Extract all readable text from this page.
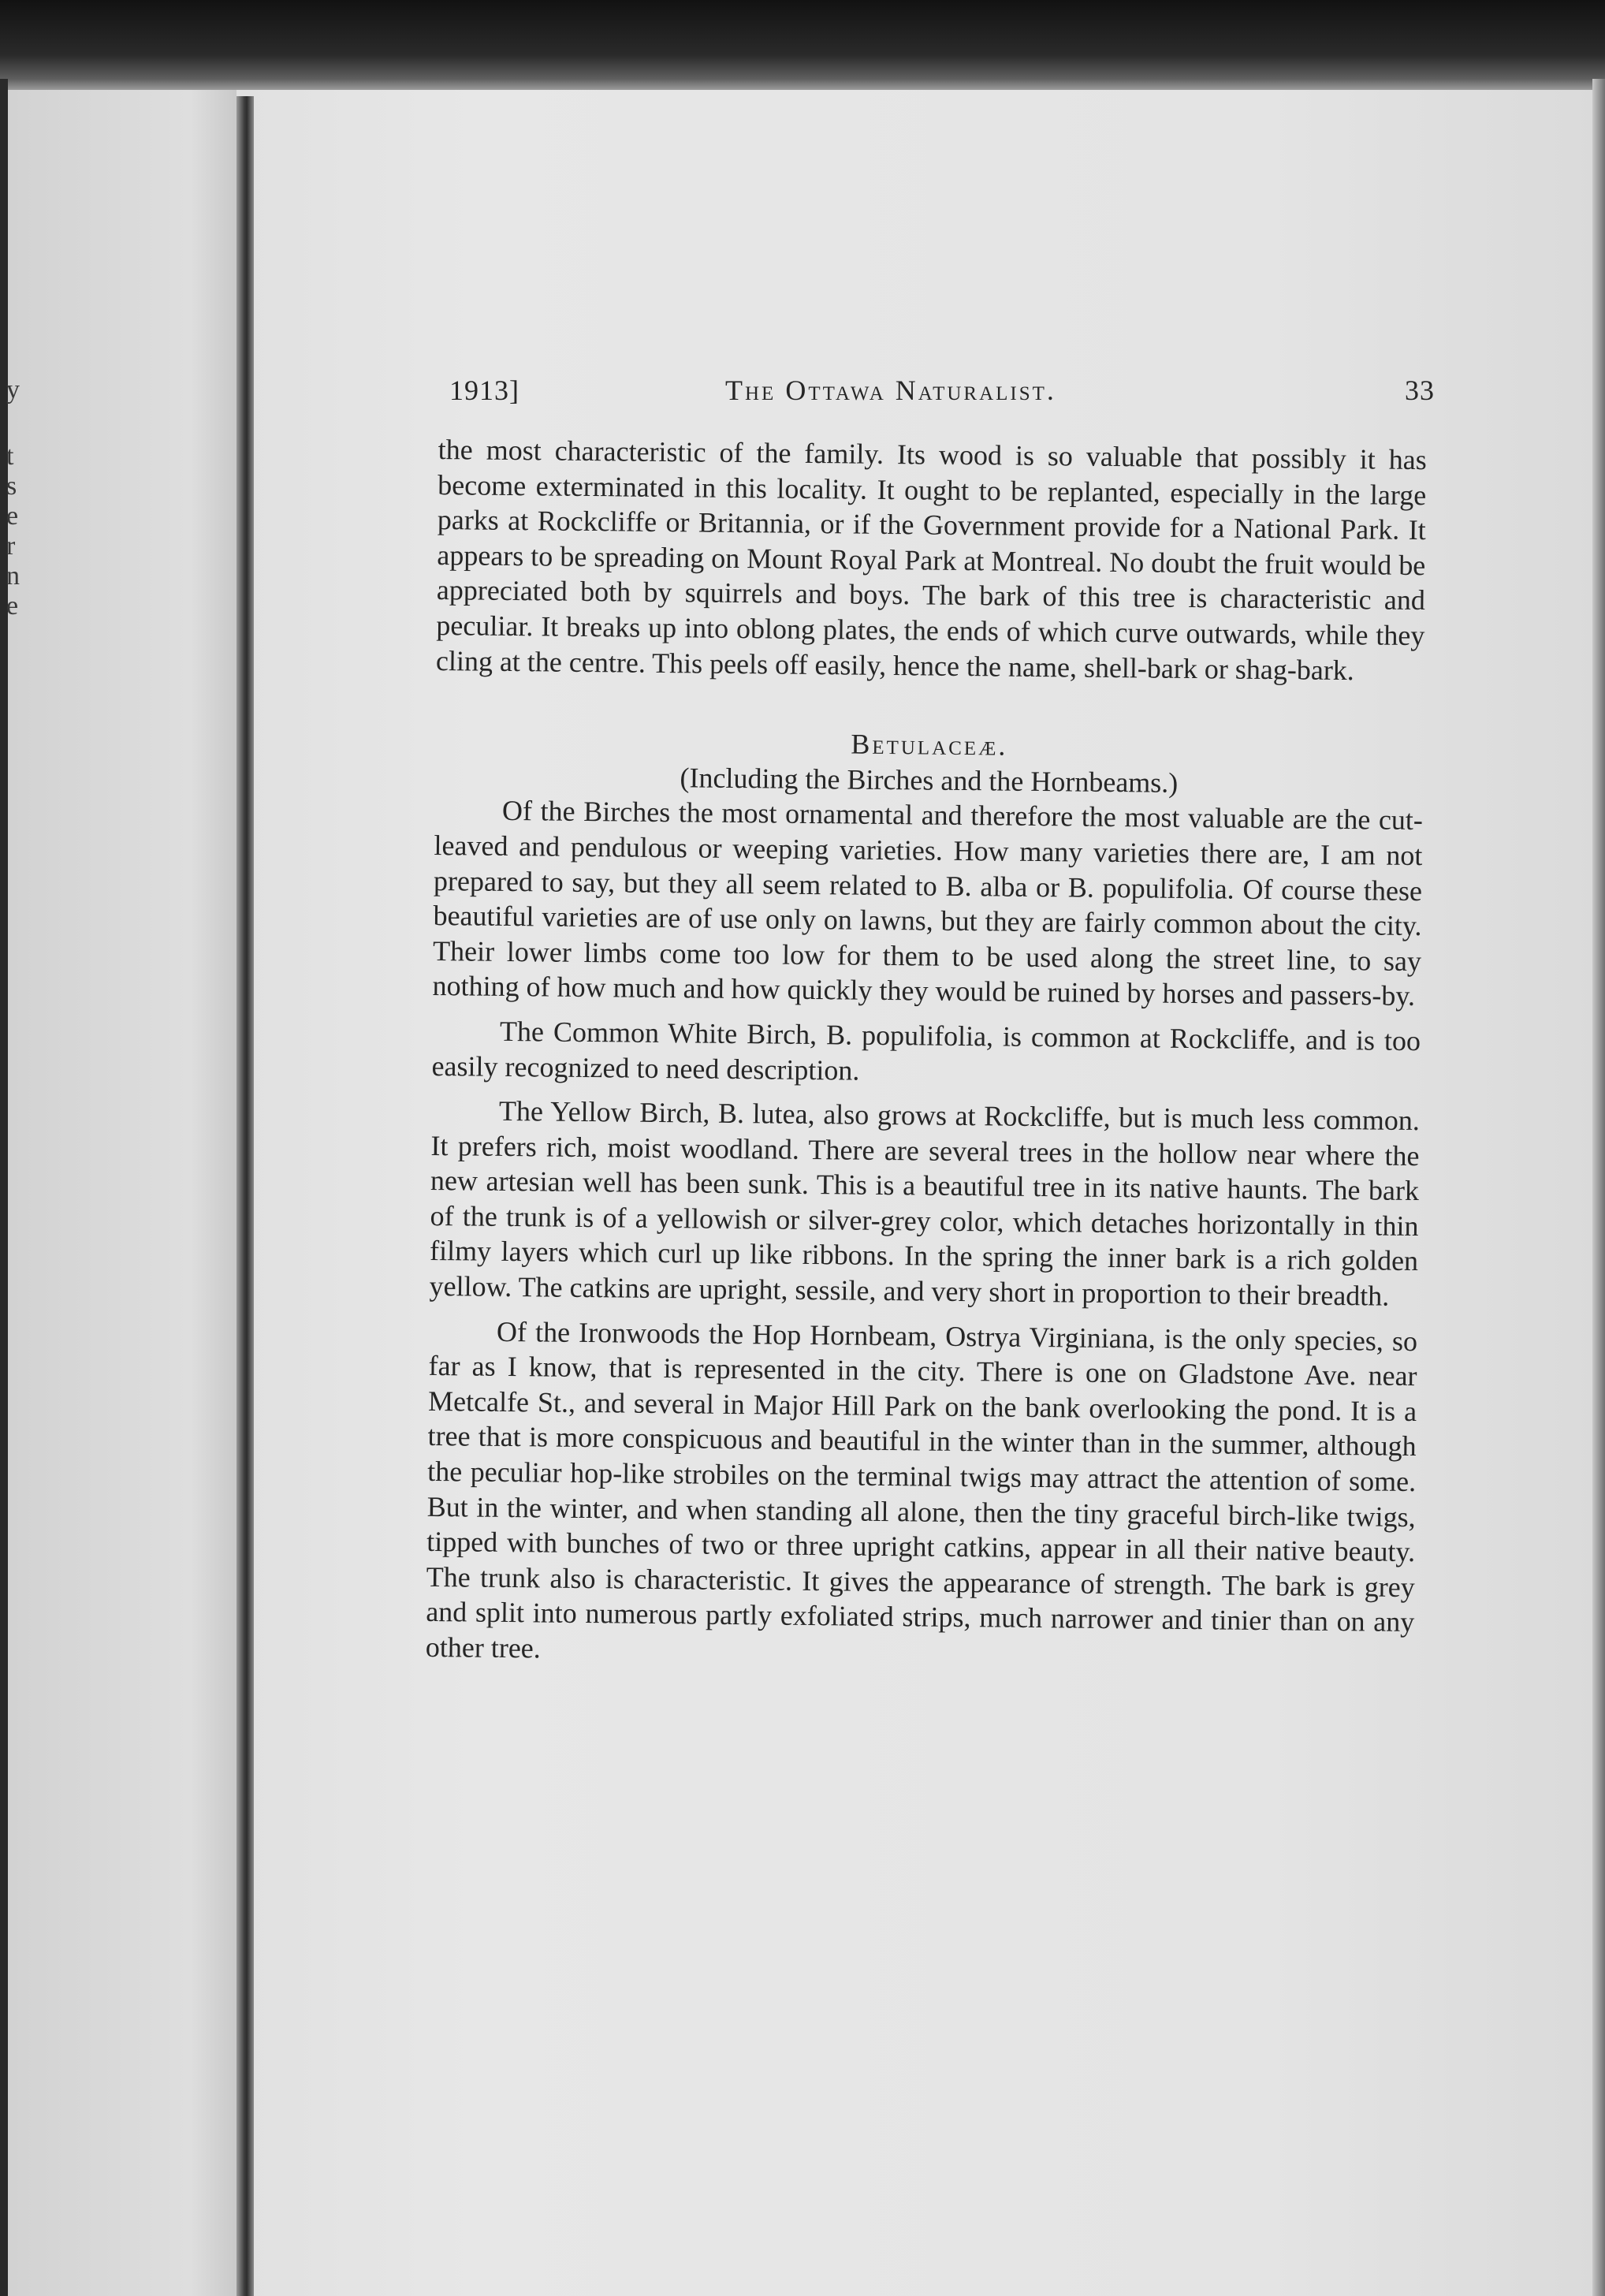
y
t
s
e
r
n
e
1913]	The Ottawa Naturalist.	33

the most characteristic of the family. Its wood is so valuable that possibly it has become exterminated in this locality. It ought to be replanted, especially in the large parks at Rockcliffe or Britannia, or if the Government provide for a National Park. It appears to be spreading on Mount Royal Park at Montreal. No doubt the fruit would be appreciated both by squirrels and boys. The bark of this tree is characteristic and peculiar. It breaks up into oblong plates, the ends of which curve outwards, while they cling at the centre. This peels off easily, hence the name, shell-bark or shag-bark.

Betulaceæ.

(Including the Birches and the Hornbeams.)

Of the Birches the most ornamental and therefore the most valuable are the cut-leaved and pendulous or weeping varieties. How many varieties there are, I am not prepared to say, but they all seem related to B. alba or B. populifolia. Of course these beautiful varieties are of use only on lawns, but they are fairly common about the city. Their lower limbs come too low for them to be used along the street line, to say nothing of how much and how quickly they would be ruined by horses and passers-by.

The Common White Birch, B. populifolia, is common at Rockcliffe, and is too easily recognized to need description.

The Yellow Birch, B. lutea, also grows at Rockcliffe, but is much less common. It prefers rich, moist woodland. There are several trees in the hollow near where the new artesian well has been sunk. This is a beautiful tree in its native haunts. The bark of the trunk is of a yellowish or silver-grey color, which detaches horizontally in thin filmy layers which curl up like ribbons. In the spring the inner bark is a rich golden yellow. The catkins are upright, sessile, and very short in proportion to their breadth.

Of the Ironwoods the Hop Hornbeam, Ostrya Virginiana, is the only species, so far as I know, that is represented in the city. There is one on Gladstone Ave. near Metcalfe St., and several in Major Hill Park on the bank overlooking the pond. It is a tree that is more conspicuous and beautiful in the winter than in the summer, although the peculiar hop-like strobiles on the terminal twigs may attract the attention of some. But in the winter, and when standing all alone, then the tiny graceful birch-like twigs, tipped with bunches of two or three upright catkins, appear in all their native beauty. The trunk also is characteristic. It gives the appearance of strength. The bark is grey and split into numerous partly exfoliated strips, much narrower and tinier than on any other tree.
